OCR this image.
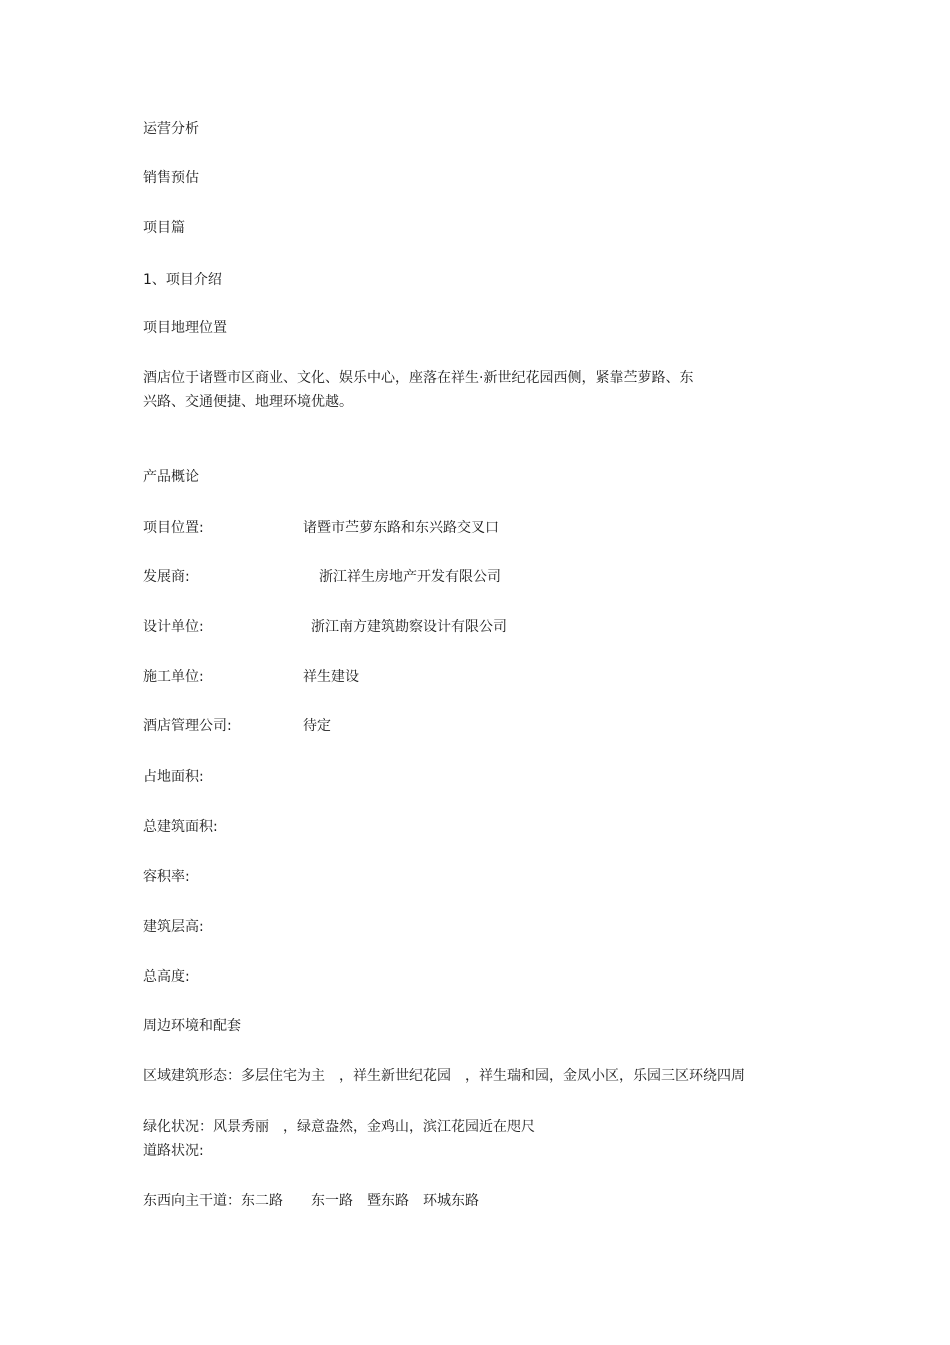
运营分析
销售预估
项目篇
1、项目介绍
项目地理位置
酒店位于诸暨市区商业、文化、娱乐中心，座落在祥生·新世纪花园西侧，紧靠苎萝路、东
兴路、交通便捷、地理环境优越。
产品概论
项目位置:	诸暨市苎萝东路和东兴路交叉口
发展商:	浙江祥生房地产开发有限公司
设计单位:	浙江南方建筑勘察设计有限公司
施工单位:	祥生建设
酒店管理公司:	待定
占地面积:
总建筑面积:
容积率:
建筑层高:
总高度:
周边环境和配套
区域建筑形态：多层住宅为主　，祥生新世纪花园　，祥生瑞和园，金凤小区，乐园三区环绕四周
绿化状况：风景秀丽　，绿意盎然，金鸡山，滨江花园近在咫尺
道路状况:
东西向主干道：东二路　　东一路　暨东路　环城东路
